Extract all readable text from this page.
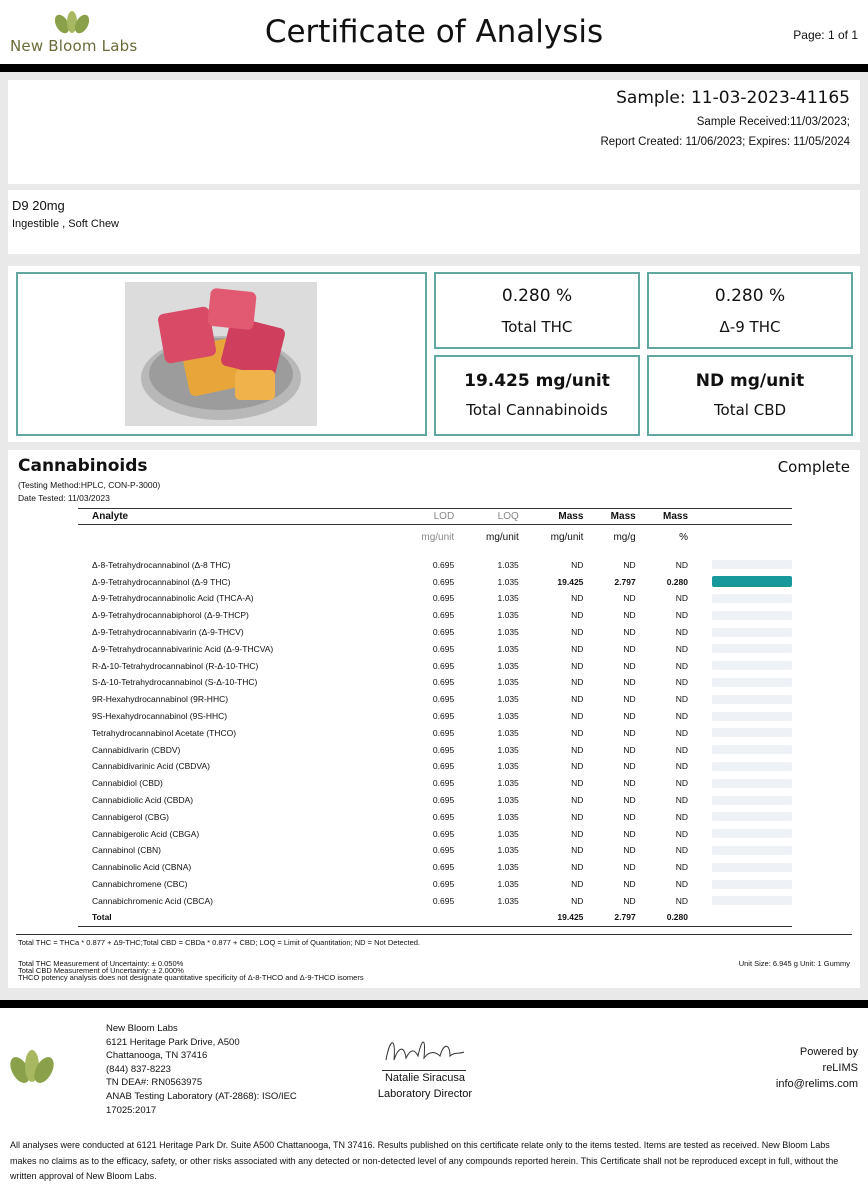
New Bloom Labs	Certificate of Analysis	Page: 1 of 1
Sample: 11-03-2023-41165
Sample Received:11/03/2023;
Report Created: 11/06/2023; Expires: 11/05/2024
D9 20mg
Ingestible , Soft Chew
0.280 %
Total THC
0.280 %
Δ-9 THC
19.425 mg/unit
Total Cannabinoids
ND mg/unit
Total CBD
Cannabinoids	Complete
(Testing Method:HPLC, CON-P-3000)
Date Tested: 11/03/2023
Analyte	LOD	LOQ	Mass	Mass	Mass	
	mg/unit	mg/unit	mg/unit	mg/g	%	

Δ-8-Tetrahydrocannabinol (Δ-8 THC)	0.695	1.035	ND	ND	ND	

Δ-9-Tetrahydrocannabinol (Δ-9 THC)	0.695	1.035	19.425	2.797	0.280	

Δ-9-Tetrahydrocannabinolic Acid (THCA-A)	0.695	1.035	ND	ND	ND	

Δ-9-Tetrahydrocannabiphorol (Δ-9-THCP)	0.695	1.035	ND	ND	ND	

Δ-9-Tetrahydrocannabivarin (Δ-9-THCV)	0.695	1.035	ND	ND	ND	

Δ-9-Tetrahydrocannabivarinic Acid (Δ-9-THCVA)	0.695	1.035	ND	ND	ND	

R-Δ-10-Tetrahydrocannabinol (R-Δ-10-THC)	0.695	1.035	ND	ND	ND	

S-Δ-10-Tetrahydrocannabinol (S-Δ-10-THC)	0.695	1.035	ND	ND	ND	

9R-Hexahydrocannabinol (9R-HHC)	0.695	1.035	ND	ND	ND	

9S-Hexahydrocannabinol (9S-HHC)	0.695	1.035	ND	ND	ND	

Tetrahydrocannabinol Acetate (THCO)	0.695	1.035	ND	ND	ND	

Cannabidivarin (CBDV)	0.695	1.035	ND	ND	ND	

Cannabidivarinic Acid (CBDVA)	0.695	1.035	ND	ND	ND	

Cannabidiol (CBD)	0.695	1.035	ND	ND	ND	

Cannabidiolic Acid (CBDA)	0.695	1.035	ND	ND	ND	

Cannabigerol (CBG)	0.695	1.035	ND	ND	ND	

Cannabigerolic Acid (CBGA)	0.695	1.035	ND	ND	ND	

Cannabinol (CBN)	0.695	1.035	ND	ND	ND	

Cannabinolic Acid (CBNA)	0.695	1.035	ND	ND	ND	

Cannabichromene (CBC)	0.695	1.035	ND	ND	ND	

Cannabichromenic Acid (CBCA)	0.695	1.035	ND	ND	ND	

Total			19.425	2.797	0.280	
Total THC = THCa * 0.877 + Δ9-THC;Total CBD = CBDa * 0.877 + CBD; LOQ = Limit of Quantitation; ND = Not Detected.
Total THC Measurement of Uncertainty: ± 0.050%
Total CBD Measurement of Uncertainty: ± 2.000%
THCO potency analysis does not designate quantitative specificity of Δ-8-THCO and Δ-9-THCO isomers
Unit Size: 6.945 g Unit: 1 Gummy
New Bloom Labs
6121 Heritage Park Drive, A500
Chattanooga, TN 37416
(844) 837-8223
TN DEA#: RN0563975
ANAB Testing Laboratory (AT-2868): ISO/IEC
17025:2017
Natalie Siracusa
Laboratory Director
Powered by
reLIMS
info@relims.com
All analyses were conducted at 6121 Heritage Park Dr. Suite A500 Chattanooga, TN 37416. Results published on this certificate relate only to the items tested. Items are tested as received. New Bloom Labs makes no claims as to the efficacy, safety, or other risks associated with any detected or non-detected level of any compounds reported herein. This Certificate shall not be reproduced except in full, without the written approval of New Bloom Labs.
